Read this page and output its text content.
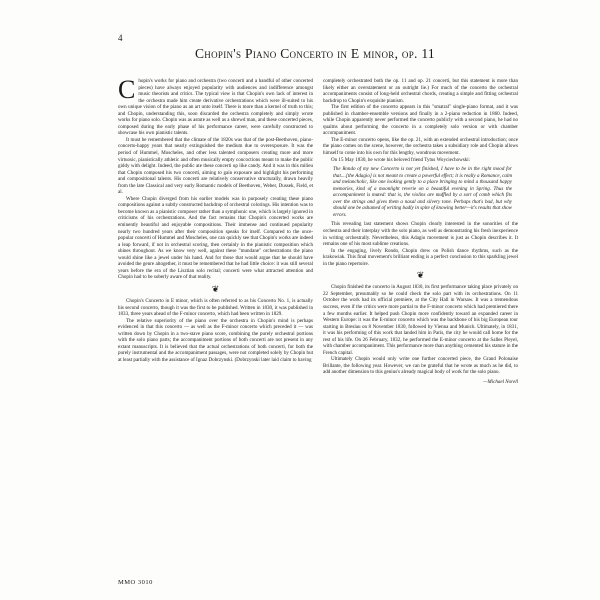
4
Chopin's Piano Concerto in E minor, op. 11

Chopin's works for piano and orchestra (two concerti and a handful of other concerted pieces) have always enjoyed popularity with audiences and indifference amongst music theorists and critics. The typical view is that Chopin's own lack of interest in the orchestra made him create derivative orchestrations which were ill-suited to his own unique vision of the piano as an art unto itself. There is more than a kernel of truth to this; and Chopin, understanding this, soon discarded the orchestra completely and simply wrote works for piano solo. Chopin was as astute as well as a shrewd man, and these concerted pieces, composed during the early phase of his performance career, were carefully constructed to showcase his own pianistic talents.

It must be remembered that the climate of the 1820s was that of the post-Beethoven, piano-concerto-happy years that nearly extinguished the medium due to overexposure. It was the period of Hummel, Moscheles, and other less talented composers creating more and more virtuosic, pianistically athletic and often musically empty concoctions meant to make the public giddy with delight. Indeed, the public ate these concerti up like candy. And it was in this milieu that Chopin composed his two concerti, aiming to gain exposure and highlight his performing and compositional talents. His concerti are relatively conservative structurally, drawn heavily from the late Classical and very early Romantic models of Beethoven, Weber, Dussek, Field, et al.

Where Chopin diverged from his earlier models was in purposely creating these piano compositions against a subtly constructed backdrop of orchestral colorings. His intention was to become known as a pianistic composer rather than a symphonic one, which is largely ignored in criticisms of his orchestrations. And the fact remains that Chopin's concerted works are eminently beautiful and enjoyable compositions. Their immense and continued popularity nearly two hundred years after their composition speaks for itself. Compared to the once-popular concerti of Hummel and Moscheles, one can quickly see that Chopin's works are indeed a leap forward, if not in orchestral scoring, then certainly in the pianistic composition which shines throughout. As we know very well, against these "mundane" orchestrations the piano would shine like a jewel under his hand. And for those that would argue that he should have avoided the genre altogether, it must be remembered that he had little choice: it was still several years before the era of the Lisztian solo recital; concerti were what attracted attention and Chopin had to be soberly aware of that reality.

❦

Chopin's Concerto in E minor, which is often referred to as his Concerto No. 1, is actually his second concerto, though it was the first to be published. Written in 1830, it was published in 1833, three years ahead of the F-minor concerto, which had been written in 1829.

The relative superiority of the piano over the orchestra in Chopin's mind is perhaps evidenced in that this concerto — as well as the F-minor concerto which preceded it — was written down by Chopin in a two-stave piano score, combining the purely orchestral portions with the solo piano parts; the accompaniment portions of both concerti are not present in any extant manuscripts. It is believed that the actual orchestrations of both concerti, for both the purely instrumental and the accompaniment passages, were not completed solely by Chopin but at least partially with the assistance of Ignaz Dobrzynski. (Dobrzynski later laid claim to having

completely orchestrated both the op. 11 and op. 21 concerti, but this statement is more than likely either an overstatement or an outright lie.) For much of the concerto the orchestral accompaniments consist of long-held orchestral chords, creating a simple and fitting orchestral backdrop to Chopin's exquisite pianism.

The first edition of the concerto appears in this "smatral" single-piano format, and it was published in chamber-ensemble versions and finally in a 2-piano reduction in 1860. Indeed, while Chopin apparently never performed the concerto publicly with a second piano, he had no qualms about performing the concerto in a completely solo version or with chamber accompaniment.

The E-minor concerto opens, like the op. 21, with an extended orchestral introduction; once the piano comes on the scene, however, the orchestra takes a subsidiary role and Chopin allows himself to come into his own for this lengthy, wondrous movement.

On 15 May 1830, he wrote his beloved friend Tytus Woyciechowski:

The Rondo of my new Concerto is not yet finished, I have to be in the right mood for that....[the Adagio] is not meant to create a powerful effect; it is really a Romance, calm and melancholic, like one looking gently to a place bringing to mind a thousand happy memories, kind of a moonlight reverie on a beautiful evening in Spring. Thus the accompaniment is muted: that is, the violins are muffled by a sort of comb which fits over the strings and gives them a nasal and silvery tone. Perhaps that's bad, but why should one be ashamed of writing badly in spite of knowing better—it's results that show errors.

This revealing last statement shows Chopin clearly interested in the sonorities of the orchestra and their interplay with the solo piano, as well as demonstrating his fresh inexperience in writing orchestrally. Nevertheless, this Adagio movement is just as Chopin describes it. It remains one of his most sublime creations.

In the engaging, lively Rondo, Chopin drew on Polish dance rhythms, such as the krakowiak. This final movement's brilliant ending is a perfect conclusion to this sparkling jewel in the piano repertoire.

❦

Chopin finished the concerto in August 1830, its first performance taking place privately on 22 September, presumably so he could check the solo part with its orchestrations. On 11 October the work had its official premiere, at the City Hall in Warsaw. It was a tremendous success, even if the critics were more partial to the F-minor concerto which had premiered there a few months earlier. It helped push Chopin more confidently toward an expanded career in Western Europe: it was the E-minor concerto which was the backbone of his big European tour starting in Breslau on 8 November 1830, followed by Vienna and Munich. Ultimately, in 1831, it was his performing of this work that landed him in Paris, the city he would call home for the rest of his life. On 26 February, 1832, he performed the E-minor concerto at the Salles Pleyel, with chamber accompaniment. This performance more than anything cemented his stature in the French capital.

Ultimately Chopin would only write one further concerted piece, the Grand Polonaise Brillante, the following year. However, we can be grateful that he wrote as much as he did, to add another dimension to this genius's already magical body of work for the solo piano.

—Michael Norell

MMO 3010
